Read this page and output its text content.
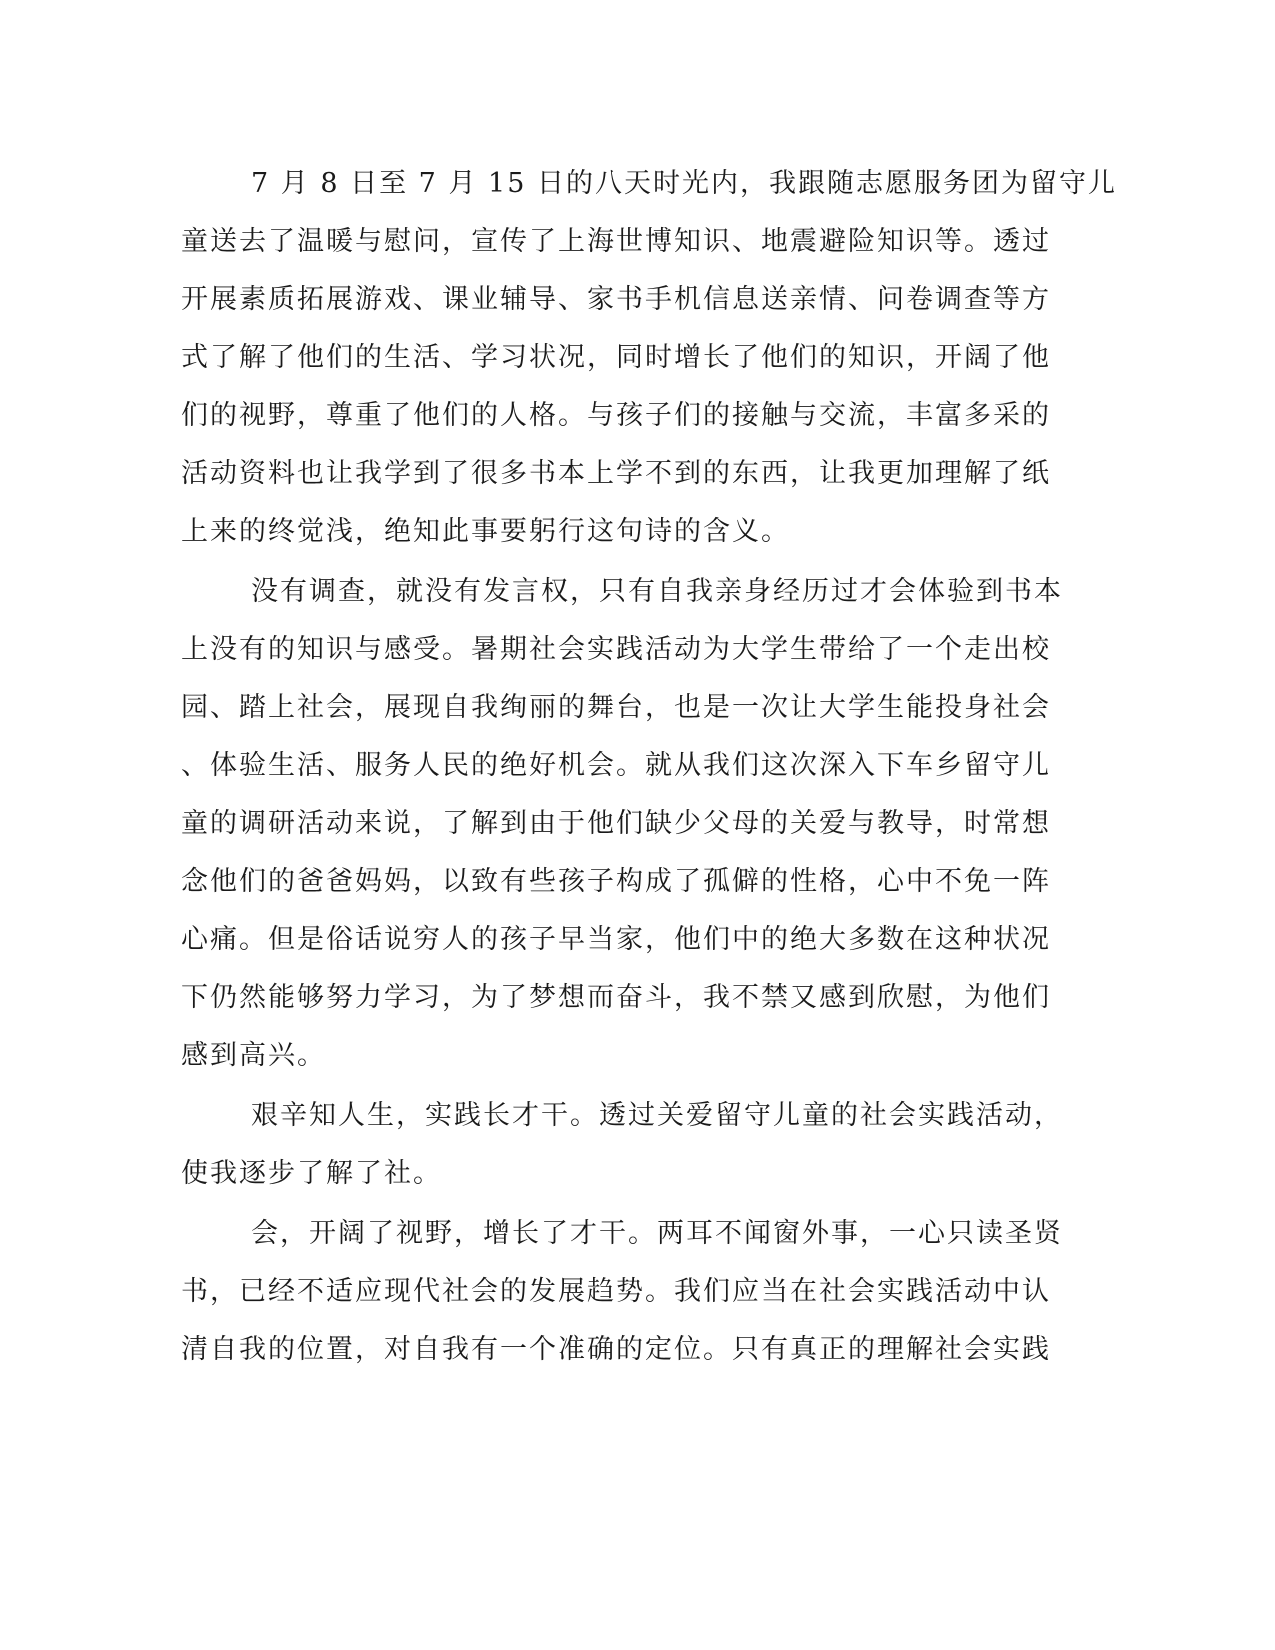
7 月 8 日至 7 月 15 日的八天时光内，我跟随志愿服务团为留守儿
童送去了温暖与慰问，宣传了上海世博知识、地震避险知识等。透过
开展素质拓展游戏、课业辅导、家书手机信息送亲情、问卷调查等方
式了解了他们的生活、学习状况，同时增长了他们的知识，开阔了他
们的视野，尊重了他们的人格。与孩子们的接触与交流，丰富多采的
活动资料也让我学到了很多书本上学不到的东西，让我更加理解了纸
上来的终觉浅，绝知此事要躬行这句诗的含义。
没有调查，就没有发言权，只有自我亲身经历过才会体验到书本
上没有的知识与感受。暑期社会实践活动为大学生带给了一个走出校
园、踏上社会，展现自我绚丽的舞台，也是一次让大学生能投身社会
、体验生活、服务人民的绝好机会。就从我们这次深入下车乡留守儿
童的调研活动来说，了解到由于他们缺少父母的关爱与教导，时常想
念他们的爸爸妈妈，以致有些孩子构成了孤僻的性格，心中不免一阵
心痛。但是俗话说穷人的孩子早当家，他们中的绝大多数在这种状况
下仍然能够努力学习，为了梦想而奋斗，我不禁又感到欣慰，为他们
感到高兴。
艰辛知人生，实践长才干。透过关爱留守儿童的社会实践活动，
使我逐步了解了社。
会，开阔了视野，增长了才干。两耳不闻窗外事，一心只读圣贤
书，已经不适应现代社会的发展趋势。我们应当在社会实践活动中认
清自我的位置，对自我有一个准确的定位。只有真正的理解社会实践
